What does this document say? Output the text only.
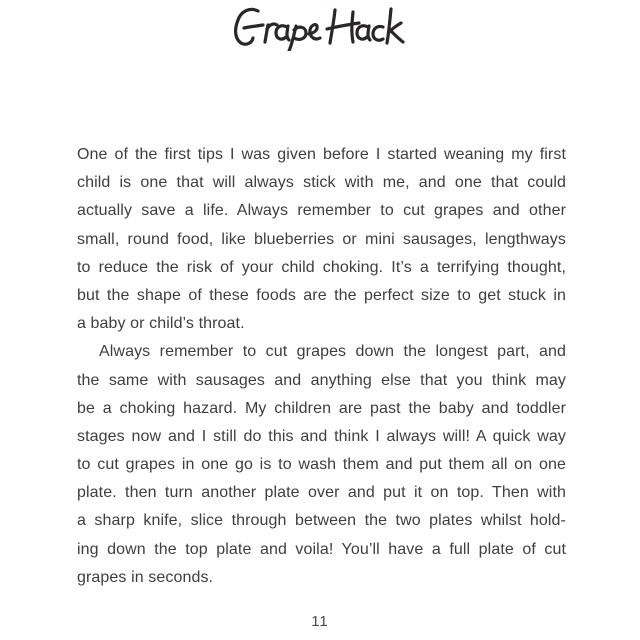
One of the first tips I was given before I started weaning my first
child is one that will always stick with me, and one that could
actually save a life. Always remember to cut grapes and other
small, round food, like blueberries or mini sausages, lengthways
to reduce the risk of your child choking. It’s a terrifying thought,
but the shape of these foods are the perfect size to get stuck in
a baby or child’s throat.
Always remember to cut grapes down the longest part, and
the same with sausages and anything else that you think may
be a choking hazard. My children are past the baby and toddler
stages now and I still do this and think I always will! A quick way
to cut grapes in one go is to wash them and put them all on one
plate. then turn another plate over and put it on top. Then with
a sharp knife, slice through between the two plates whilst hold-
ing down the top plate and voila! You’ll have a full plate of cut
grapes in seconds.
11
